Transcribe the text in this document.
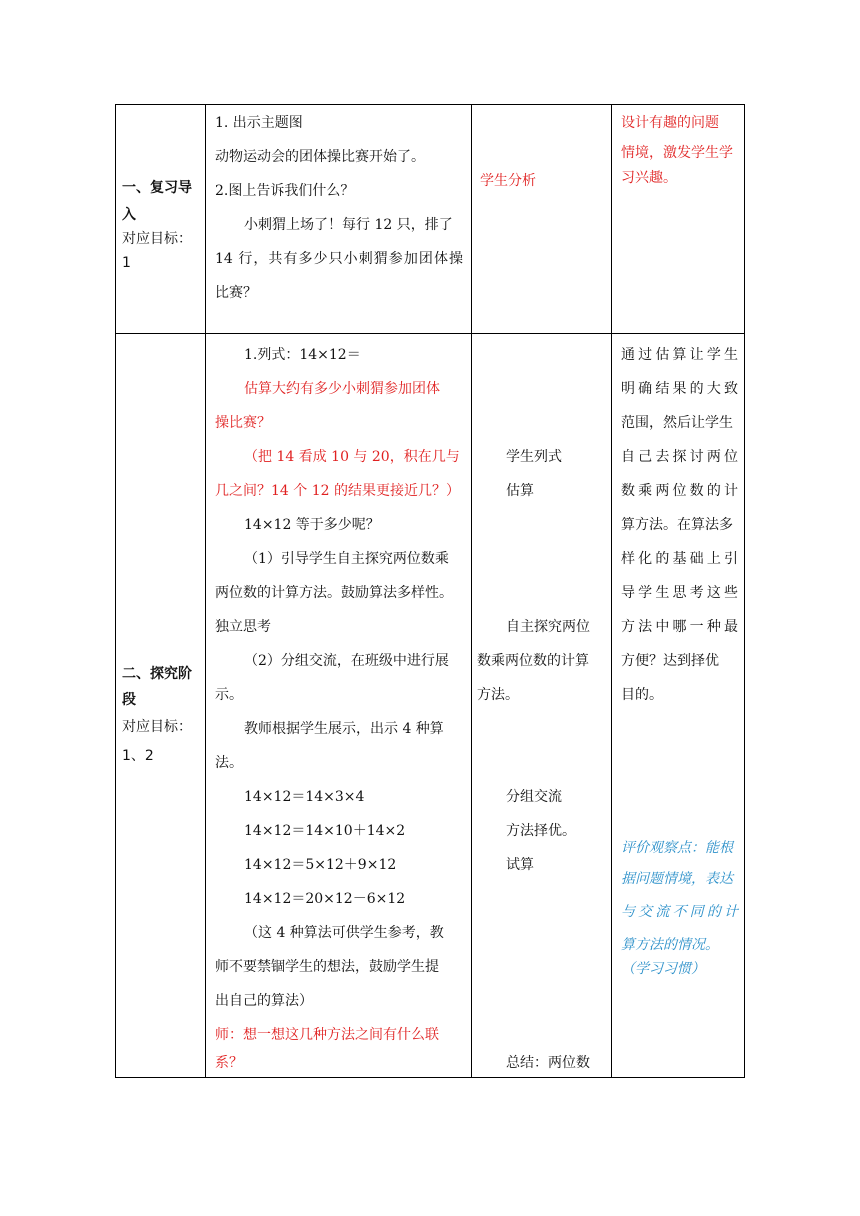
一、复习导
入
对应目标：
1
1. 出示主题图
动物运动会的团体操比赛开始了。
2.图上告诉我们什么？
小刺猬上场了！每行 12 只，排了
14 行，共有多少只小刺猬参加团体操
比赛？
学生分析
设计有趣的问题
情境，激发学生学
习兴趣。
二、探究阶
段
对应目标：
1、2
1.列式：14×12＝
估算大约有多少小刺猬参加团体
操比赛？
（把 14 看成 10 与 20，积在几与
几之间？14 个 12 的结果更接近几？）
14×12 等于多少呢？
（1）引导学生自主探究两位数乘
两位数的计算方法。鼓励算法多样性。
独立思考
（2）分组交流，在班级中进行展
示。
教师根据学生展示，出示 4 种算
法。
14×12＝14×3×4
14×12＝14×10＋14×2
14×12＝5×12＋9×12
14×12＝20×12－6×12
（这 4 种算法可供学生参考，教
师不要禁锢学生的想法，鼓励学生提
出自己的算法）
师：想一想这几种方法之间有什么联
系？
学生列式
估算
自主探究两位
数乘两位数的计算
方法。
分组交流
方法择优。
试算
总结：两位数
通过估算让学生
明确结果的大致
范围，然后让学生
自己去探讨两位
数乘两位数的计
算方法。在算法多
样化的基础上引
导学生思考这些
方法中哪一种最
方便？达到择优
目的。
评价观察点：能根
据问题情境，表达
与交流不同的计
算方法的情况。
（学习习惯）
